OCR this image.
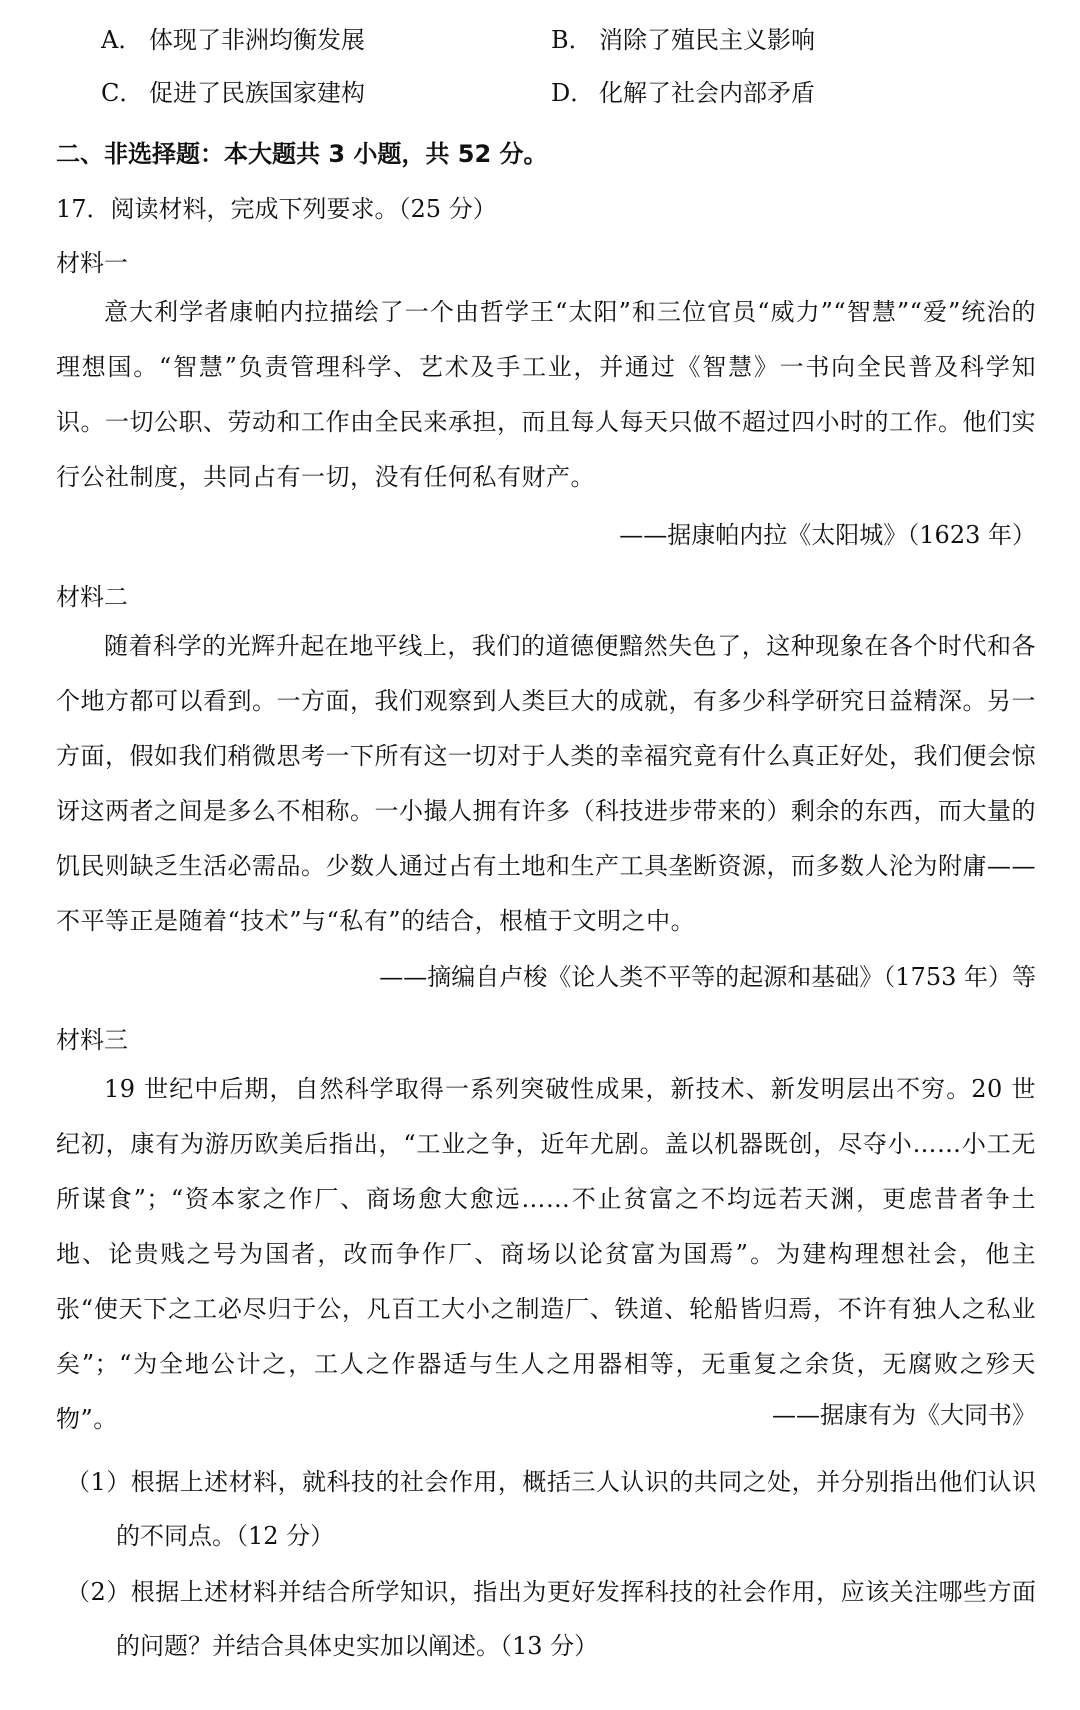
A． 体现了非洲均衡发展	B． 消除了殖民主义影响
C． 促进了民族国家建构	D． 化解了社会内部矛盾
二、非选择题：本大题共 3 小题，共 52 分。
17．阅读材料，完成下列要求。（25 分）
材料一
意大利学者康帕内拉描绘了一个由哲学王“太阳”和三位官员“威力”“智慧”“爱”统治的理想国。“智慧”负责管理科学、艺术及手工业，并通过《智慧》一书向全民普及科学知识。一切公职、劳动和工作由全民来承担，而且每人每天只做不超过四小时的工作。他们实行公社制度，共同占有一切，没有任何私有财产。
——据康帕内拉《太阳城》（1623 年）
材料二
随着科学的光辉升起在地平线上，我们的道德便黯然失色了，这种现象在各个时代和各个地方都可以看到。一方面，我们观察到人类巨大的成就，有多少科学研究日益精深。另一方面，假如我们稍微思考一下所有这一切对于人类的幸福究竟有什么真正好处，我们便会惊讶这两者之间是多么不相称。一小撮人拥有许多（科技进步带来的）剩余的东西，而大量的饥民则缺乏生活必需品。少数人通过占有土地和生产工具垄断资源，而多数人沦为附庸——不平等正是随着“技术”与“私有”的结合，根植于文明之中。
——摘编自卢梭《论人类不平等的起源和基础》（1753 年）等
材料三
19 世纪中后期，自然科学取得一系列突破性成果，新技术、新发明层出不穷。20 世纪初，康有为游历欧美后指出，“工业之争，近年尤剧。盖以机器既创，尽夺小……小工无所谋食”；“资本家之作厂、商场愈大愈远……不止贫富之不均远若天渊，更虑昔者争土地、论贵贱之号为国者，改而争作厂、商场以论贫富为国焉”。为建构理想社会，他主张“使天下之工必尽归于公，凡百工大小之制造厂、铁道、轮船皆归焉，不许有独人之私业矣”；“为全地公计之，工人之作器适与生人之用器相等，无重复之余货，无腐败之殄天物”。	——据康有为《大同书》
（1）根据上述材料，就科技的社会作用，概括三人认识的共同之处，并分别指出他们认识的不同点。（12 分）
（2）根据上述材料并结合所学知识，指出为更好发挥科技的社会作用，应该关注哪些方面的问题？并结合具体史实加以阐述。（13 分）
